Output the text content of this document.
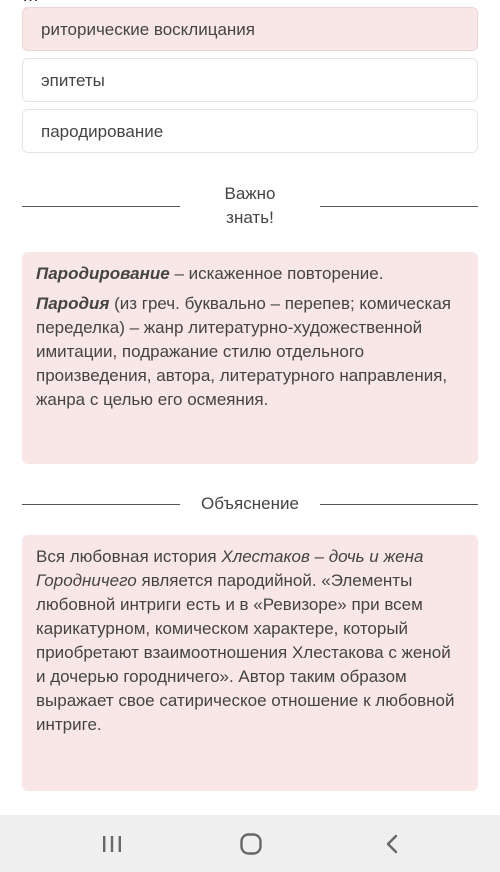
риторические восклицания
эпитеты
пародирование
Важно
знать!

Пародирование – искаженное повторение.

Пародия (из греч. буквально – перепев; комическая переделка) – жанр литературно-художественной имитации, подражание стилю отдельного произведения, автора, литературного направления, жанра с целью его осмеяния.

Объяснение

Вся любовная история Хлестаков – дочь и жена Городничего является пародийной. «Элементы любовной интриги есть и в «Ревизоре» при всем карикатурном, комическом характере, который приобретают взаимоотношения Хлестакова с женой и дочерью городничего». Автор таким образом выражает свое сатирическое отношение к любовной интриге.
